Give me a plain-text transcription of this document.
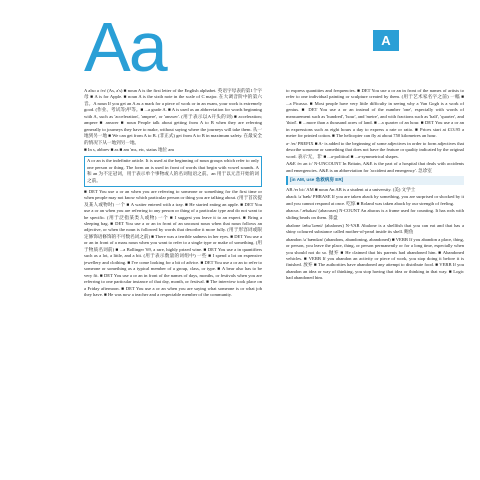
Aa	A

A also a /eɪ/ (As, a's) ■ noun A is the first letter of the English alphabet. 英语字母表的第1个字母 ■ A is for Apple. ■ noun A is the sixth note in the scale of C major. 在大调音阶中的第六音。A noun If you get an A as a mark for a piece of work or in an exam, your work is extremely good. (作业、考试等)甲等。■ ...a grade A. ■ A is used as an abbreviation for words beginning with A, such as 'acceleration', 'ampere', or 'answer'. (用于表示以A开头的词) ■ acceleration; ampere ■ answer ■ noun People talk about getting from A to B when they are referring generally to journeys they have to make, without saying where the journeys will take them. 从一地到另一地 ■ We can get from A to B. (非正式) get from A to B in maximum safety. 在最安全的情况下从一地到另一地。

■ In s, abbrev ■ as ■ am 'ms, etc, status 地位 am

A or an is the indefinite article. It is used at the beginning of noun groups which refer to only one person or thing. The form an is used in front of words that begin with vowel sounds. A 和 an 为不定冠词，用于表示单个事物或人的名词短语之前。an 用于以元音开始的词之前。

■ DET You use a or an when you are referring to someone or something for the first time or when people may not know which particular person or thing you are talking about. (用于首次提及某人或物时) 一个 ■ A waiter entered with a tray. ■ He started eating an apple. ■ DET You use a or an when you are referring to any person or thing of a particular type and do not want to be specific. (用于泛指某类人或物) 一个 ■ I suggest you leave it to an expert. ■ Bring a sleeping bag. ■ DET You use a or an in front of an uncount noun when that noun follows an adjective, or when the noun is followed by words that describe it more fully. (用于形容词或限定修饰语修饰的不可数名词之前) ■ There was a terrible sadness in her eyes. ■ DET You use a or an in front of a mass noun when you want to refer to a single type or make of something. (用于物质名词前) ■ ...a Bollinger '69, a rare, highly prized wine. ■ DET You use a in quantifiers such as a lot, a little, and a bit. (用于表示数量的词组中) 一些 ■ I spend a lot on expensive jewellery and clothing. ■ I've come looking for a bit of advice. ■ DET You use a or an to refer to someone or something as a typical member of a group, class, or type. ■ A bear also has to be very fit. ■ DET You use a or an in front of the names of days, months, or festivals when you are referring to one particular instance of that day, month, or festival. ■ The interview took place on a Friday afternoon. ■ DET You use a or an when you are saying what someone is or what job they have. ■ He was now a teacher and a respectable member of the community.

to express quantities and frequencies. ■ DET You use a or an in front of the names of artists to refer to one individual painting or sculpture created by them. (用于艺术家名字之前) 一幅 ■ ...a Picasso. ■ Most people have very little difficulty in seeing why a Van Gogh is a work of genius. ■ DET You use a or an instead of the number 'one', especially with words of measurement such as 'hundred', 'hour', and 'metre', and with fractions such as 'half', 'quarter', and 'third'. ■ ...more than a thousand acres of land. ■ ...a quarter of an hour. ■ DET You use a or an in expressions such as eight hours a day to express a rate or ratio. ■ Prices start at £13.95 a metre for printed cotton. ■ The helicopter can fly at about 750 kilometres an hour.

a- /eɪ/ PREFIX ■ A- is added to the beginning of some adjectives in order to form adjectives that describe someone or something that does not have the feature or quality indicated by the original word. 表示'无，非' ■ ...a-political ■ ...a-symmetrical shapes.

A&E /eɪ ən iː/ N-UNCOUNT In Britain, A&E is the part of a hospital that deals with accidents and emergencies. A&E is an abbreviation for 'accident and emergency'. 急诊室

[in AM, use 急救病房 ER]

AB /eɪ biː/ AM ■ noun An AB is a student at a university. (美) 文学士

aback /əˈbæk/ PHRASE If you are taken aback by something, you are surprised or shocked by it and you cannot respond at once. 吃惊 ■ Roland was taken aback by our strength of feeling.

abacus /ˈæbəkəs/ (abacuses) N-COUNT An abacus is a frame used for counting. It has rods with sliding beads on them. 算盘

abalone /æbəˈləʊni/ (abalones) N-VAR Abalone is a shellfish that you can eat and that has a shiny coloured substance called mother-of-pearl inside its shell. 鲍鱼

abandon /əˈbændən/ (abandons, abandoning, abandoned) ■ VERB If you abandon a place, thing, or person, you leave the place, thing, or person permanently or for a long time, especially when you should not do so. 抛弃 ■ He claimed that his parents had abandoned him. ■ Abandoned vehicles. ■ VERB If you abandon an activity or piece of work, you stop doing it before it is finished. 放弃 ■ The authorities have abandoned any attempt to distribute food. ■ VERB If you abandon an idea or way of thinking, you stop having that idea or thinking in that way. ■ Logic had abandoned him.
